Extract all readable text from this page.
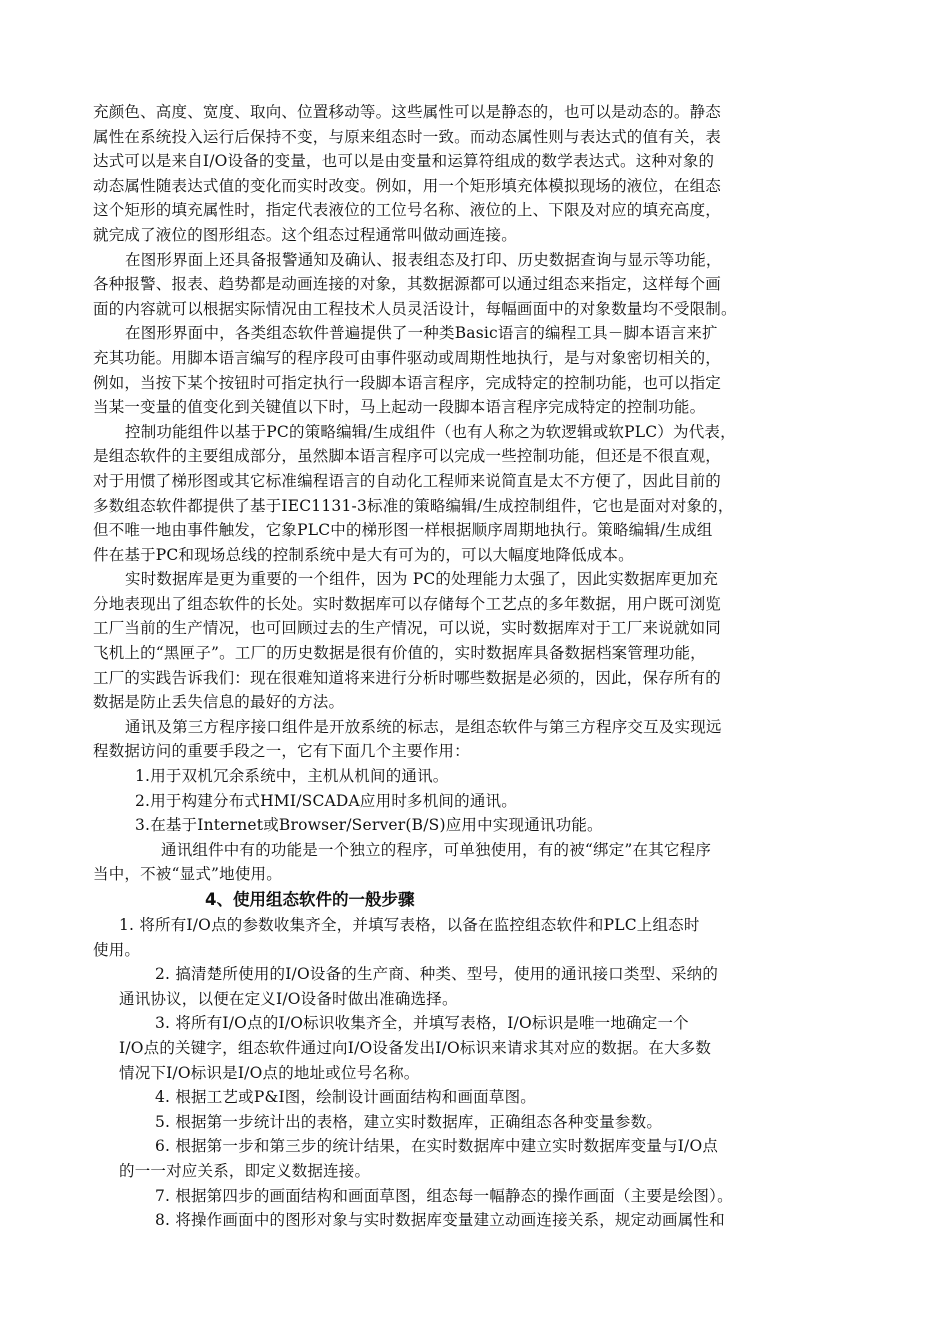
充颜色、高度、宽度、取向、位置移动等。这些属性可以是静态的，也可以是动态的。静态
属性在系统投入运行后保持不变，与原来组态时一致。而动态属性则与表达式的值有关，表
达式可以是来自I/O设备的变量，也可以是由变量和运算符组成的数学表达式。这种对象的
动态属性随表达式值的变化而实时改变。例如，用一个矩形填充体模拟现场的液位，在组态
这个矩形的填充属性时，指定代表液位的工位号名称、液位的上、下限及对应的填充高度，
就完成了液位的图形组态。这个组态过程通常叫做动画连接。
在图形界面上还具备报警通知及确认、报表组态及打印、历史数据查询与显示等功能，
各种报警、报表、趋势都是动画连接的对象，其数据源都可以通过组态来指定，这样每个画
面的内容就可以根据实际情况由工程技术人员灵活设计，每幅画面中的对象数量均不受限制。
在图形界面中，各类组态软件普遍提供了一种类Basic语言的编程工具－脚本语言来扩
充其功能。用脚本语言编写的程序段可由事件驱动或周期性地执行，是与对象密切相关的，
例如，当按下某个按钮时可指定执行一段脚本语言程序，完成特定的控制功能，也可以指定
当某一变量的值变化到关键值以下时，马上起动一段脚本语言程序完成特定的控制功能。
控制功能组件以基于PC的策略编辑/生成组件（也有人称之为软逻辑或软PLC）为代表，
是组态软件的主要组成部分，虽然脚本语言程序可以完成一些控制功能，但还是不很直观，
对于用惯了梯形图或其它标准编程语言的自动化工程师来说简直是太不方便了，因此目前的
多数组态软件都提供了基于IEC1131-3标准的策略编辑/生成控制组件，它也是面对对象的，
但不唯一地由事件触发，它象PLC中的梯形图一样根据顺序周期地执行。策略编辑/生成组
件在基于PC和现场总线的控制系统中是大有可为的，可以大幅度地降低成本。
实时数据库是更为重要的一个组件，因为 PC的处理能力太强了，因此实数据库更加充
分地表现出了组态软件的长处。实时数据库可以存储每个工艺点的多年数据，用户既可浏览
工厂当前的生产情况，也可回顾过去的生产情况，可以说，实时数据库对于工厂来说就如同
飞机上的“黑匣子”。工厂的历史数据是很有价值的，实时数据库具备数据档案管理功能，
工厂的实践告诉我们：现在很难知道将来进行分析时哪些数据是必须的，因此，保存所有的
数据是防止丢失信息的最好的方法。
通讯及第三方程序接口组件是开放系统的标志，是组态软件与第三方程序交互及实现远
程数据访问的重要手段之一，它有下面几个主要作用：
1.用于双机冗余系统中，主机从机间的通讯。
2.用于构建分布式HMI/SCADA应用时多机间的通讯。
3.在基于Internet或Browser/Server(B/S)应用中实现通讯功能。
通讯组件中有的功能是一个独立的程序，可单独使用，有的被“绑定”在其它程序
当中，不被“显式”地使用。
4、使用组态软件的一般步骤
1. 将所有I/O点的参数收集齐全，并填写表格，以备在监控组态软件和PLC上组态时
使用。
2. 搞清楚所使用的I/O设备的生产商、种类、型号，使用的通讯接口类型、采纳的
通讯协议，以便在定义I/O设备时做出准确选择。
3. 将所有I/O点的I/O标识收集齐全，并填写表格，I/O标识是唯一地确定一个
I/O点的关键字，组态软件通过向I/O设备发出I/O标识来请求其对应的数据。在大多数
情况下I/O标识是I/O点的地址或位号名称。
4. 根据工艺或P&I图，绘制设计画面结构和画面草图。
5. 根据第一步统计出的表格，建立实时数据库，正确组态各种变量参数。
6. 根据第一步和第三步的统计结果，在实时数据库中建立实时数据库变量与I/O点
的一一对应关系，即定义数据连接。
7. 根据第四步的画面结构和画面草图，组态每一幅静态的操作画面（主要是绘图）。
8. 将操作画面中的图形对象与实时数据库变量建立动画连接关系，规定动画属性和
